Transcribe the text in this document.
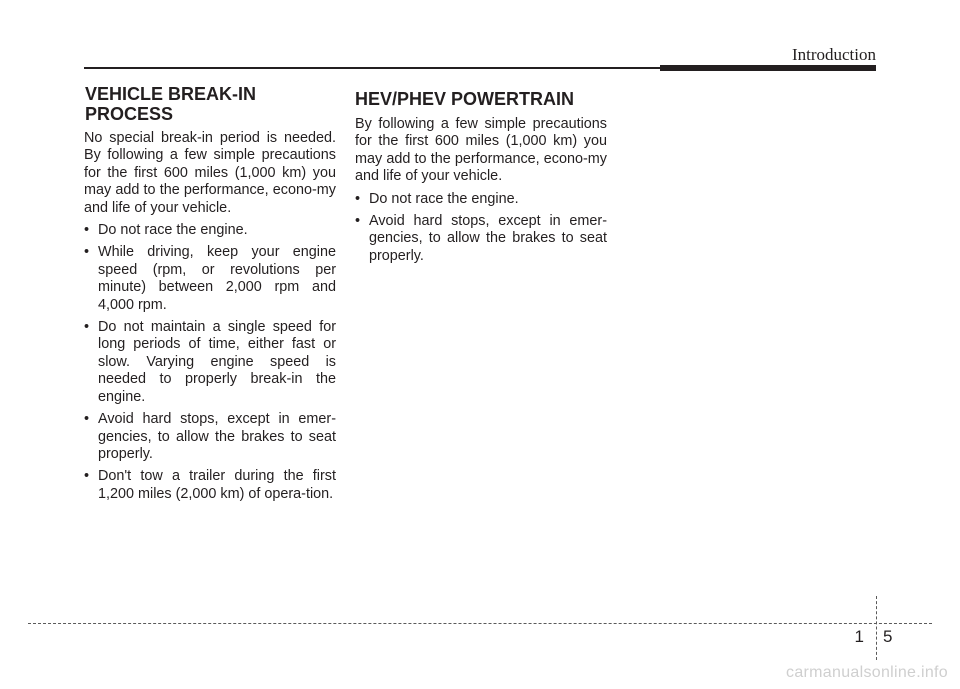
Introduction
VEHICLE BREAK-IN
PROCESS

No special break-in period is needed. By following a few simple precautions for the first 600 miles (1,000 km) you may add to the performance, econo-my and life of your vehicle.

• Do not race the engine.
• While driving, keep your engine speed (rpm, or revolutions per minute) between 2,000 rpm and 4,000 rpm.
• Do not maintain a single speed for long periods of time, either fast or slow. Varying engine speed is needed to properly break-in the engine.
• Avoid hard stops, except in emer-gencies, to allow the brakes to seat properly.
• Don't tow a trailer during the first 1,200 miles (2,000 km) of opera-tion.
HEV/PHEV POWERTRAIN

By following a few simple precautions for the first 600 miles (1,000 km) you may add to the performance, econo-my and life of your vehicle.

• Do not race the engine.
• Avoid hard stops, except in emer-gencies, to allow the brakes to seat properly.
1 5
carmanualsonline.info
